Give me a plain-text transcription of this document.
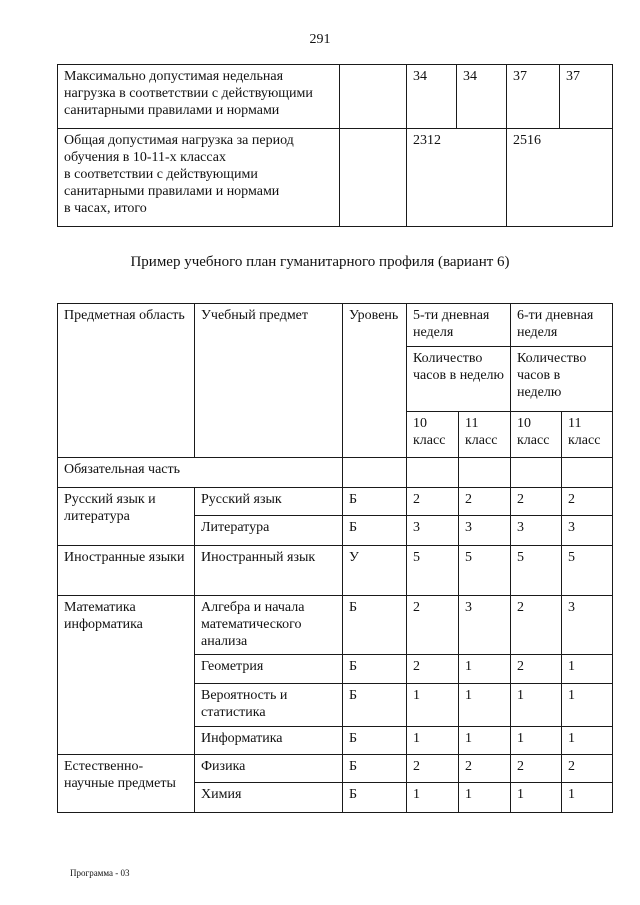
291
Максимально допустимая недельная нагрузка в соответствии с действующими санитарными правилами и нормами		34	34	37	37

Общая допустимая нагрузка за период
обучения в 10-11-х классах
в соответствии с действующими
санитарными правилами и нормами
в часах, итого		2312		2516	
Пример учебного план гуманитарного профиля (вариант 6)
Предметная область	Учебный предмет	Уровень	5-ти дневная неделя		6-ти дневная неделя	
			Количество часов в неделю		Количество часов в неделю	
			10 класс	11 класс	10 класс	11 класс
Обязательная часть						
Русский язык и литература	Русский язык	Б	2	2	2	2
	Литература	Б	3	3	3	3
Иностранные языки	Иностранный язык	У	5	5	5	5
Математика информатика	Алгебра и начала математического анализа	Б	2	3	2	3
	Геометрия	Б	2	1	2	1
	Вероятность и статистика	Б	1	1	1	1
	Информатика	Б	1	1	1	1
Естественно-научные предметы	Физика	Б	2	2	2	2
	Химия	Б	1	1	1	1
Программа - 03
